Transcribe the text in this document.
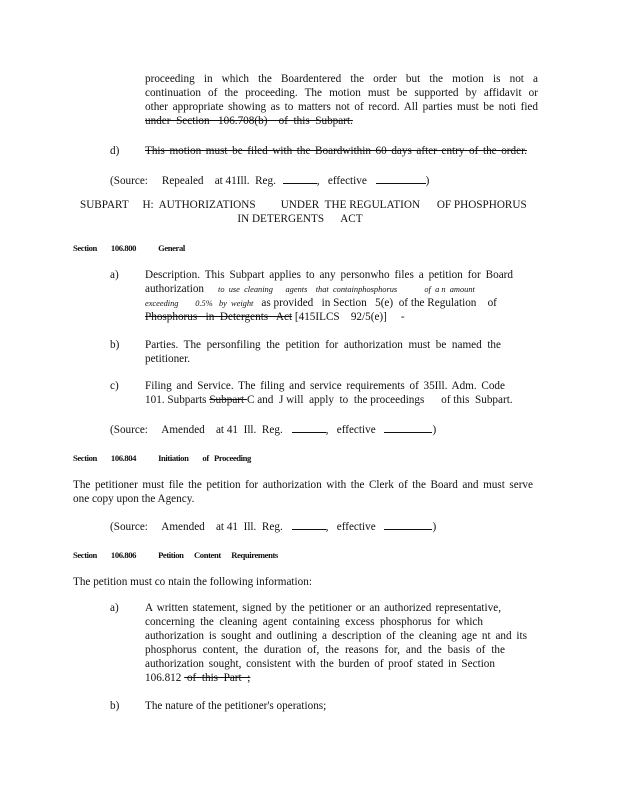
proceeding in which the Boardentered the order but the motion is not a
continuation of the proceeding. The motion must be supported by affidavit or
other appropriate showing as to matters not of record. All parties must be noti fied
under  Section   106.708(b)    of  this  Subpart.
d) This motion must be filed with the Boardwithin 60 days after entry of the order.
(Source:     Repealed    at 41Ill.  Reg.	,   effective	)
SUBPART     H:  AUTHORIZATIONS         UNDER  THE REGULATION      OF PHOSPHORUS
IN DETERGENTS      ACT
Section        106.800	General
a) Description. This Subpart applies to any personwho files a petition for Board
authorization to  use  cleaning      agents    that  containphosphorus             of  a n  amount
exceeding        0.5%   by  weight as provided   in Section   5(e)  of the Regulation    of
Phosphorus   in  Detergents   Act [415ILCS    92/5(e)]     -
b) Parties. The personfiling the petition for authorization must be named the
petitioner.
c) Filing and Service. The filing and service requirements of 35Ill. Adm. Code
101. Subparts Subpart C and  J will  apply  to  the proceedings      of this  Subpart.
(Source:     Amended    at 41  Ill.  Reg.	,   effective	)
Section        106.804	Initiation        of   Proceeding
The petitioner must file the petition for authorization with the Clerk of the Board and must serve
one copy upon the Agency.
(Source:     Amended    at 41  Ill.  Reg.	,   effective	)
Section        106.806	Petition      Content      Requirements
The petition must co ntain the following information:
a) A written statement, signed by the petitioner or an authorized representative,
concerning the cleaning agent containing excess phosphorus for which
authorization is sought and outlining a description of the cleaning age nt and its
phosphorus content, the duration of, the reasons for, and the basis of the
authorization sought, consistent with the burden of proof stated in Section
106.812  of  this  Part  ;
b) The nature of the petitioner's operations;
